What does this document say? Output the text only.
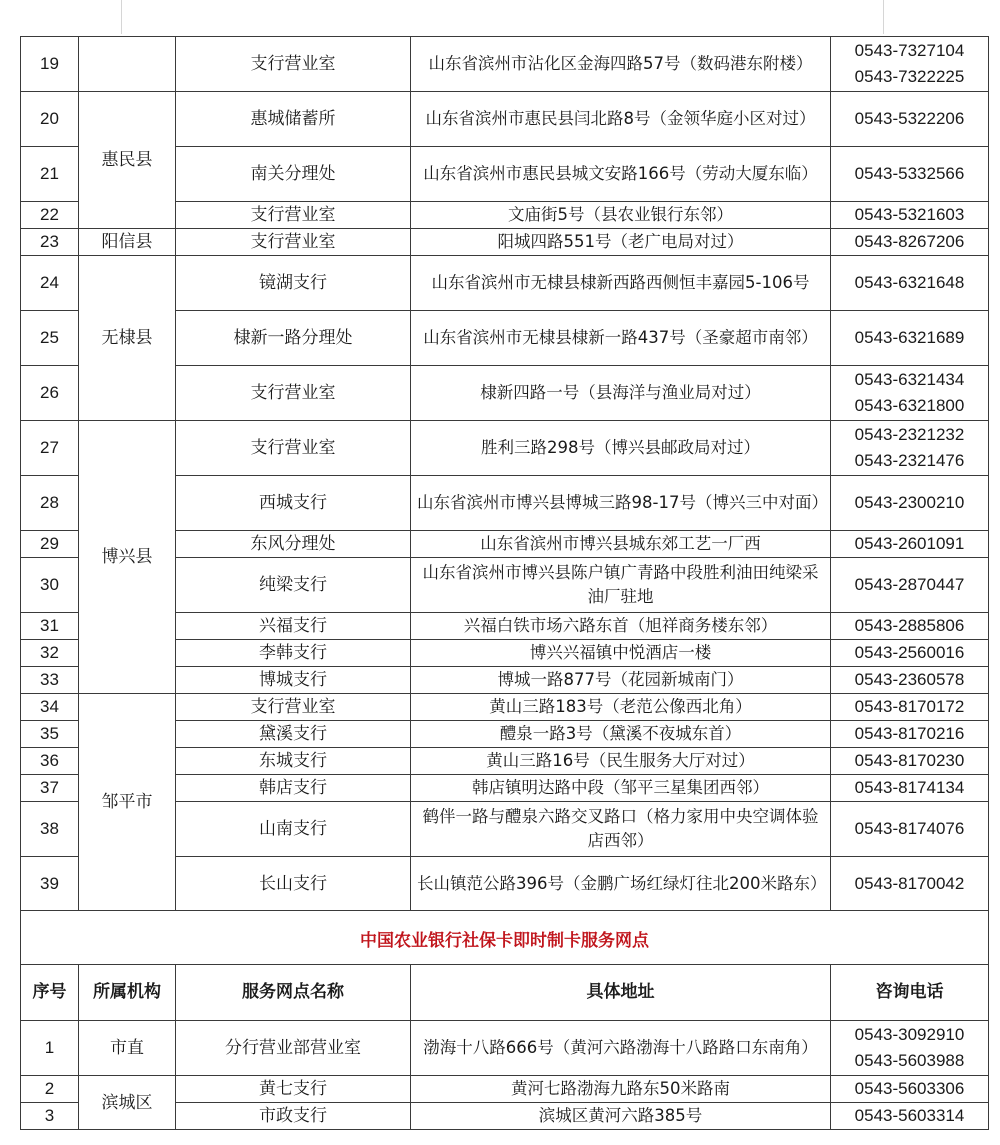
19		支行营业室	山东省滨州市沾化区金海四路57号（数码港东附楼）	0543-7327104
0543-7322225

20	惠民县	惠城储蓄所	山东省滨州市惠民县闫北路8号（金领华庭小区对过）	0543-5322206
21		南关分理处	山东省滨州市惠民县城文安路166号（劳动大厦东临）	0543-5332566
22		支行营业室	文庙街5号（县农业银行东邻）	0543-5321603
23	阳信县	支行营业室	阳城四路551号（老广电局对过）	0543-8267206
24	无棣县	镜湖支行	山东省滨州市无棣县棣新西路西侧恒丰嘉园5-106号	0543-6321648
25		棣新一路分理处	山东省滨州市无棣县棣新一路437号（圣豪超市南邻）	0543-6321689
26		支行营业室	棣新四路一号（县海洋与渔业局对过）	0543-6321434
0543-6321800

27	博兴县	支行营业室	胜利三路298号（博兴县邮政局对过）	0543-2321232
0543-2321476

28		西城支行	山东省滨州市博兴县博城三路98-17号（博兴三中对面）	0543-2300210
29		东风分理处	山东省滨州市博兴县城东郊工艺一厂西	0543-2601091
30		纯梁支行	山东省滨州市博兴县陈户镇广青路中段胜利油田纯梁采油厂驻地	0543-2870447
31		兴福支行	兴福白铁市场六路东首（旭祥商务楼东邻）	0543-2885806
32		李韩支行	博兴兴福镇中悦酒店一楼	0543-2560016
33		博城支行	博城一路877号（花园新城南门）	0543-2360578
34	邹平市	支行营业室	黄山三路183号（老范公像西北角）	0543-8170172
35		黛溪支行	醴泉一路3号（黛溪不夜城东首）	0543-8170216
36		东城支行	黄山三路16号（民生服务大厅对过）	0543-8170230
37		韩店支行	韩店镇明达路中段（邹平三星集团西邻）	0543-8174134
38		山南支行	鹤伴一路与醴泉六路交叉路口（格力家用中央空调体验店西邻）	0543-8174076
39		长山支行	长山镇范公路396号（金鹏广场红绿灯往北200米路东）	0543-8170042
中国农业银行社保卡即时制卡服务网点				
序号	所属机构	服务网点名称	具体地址	咨询电话
1	市直	分行营业部营业室	渤海十八路666号（黄河六路渤海十八路路口东南角）	0543-3092910
0543-5603988

2	滨城区	黄七支行	黄河七路渤海九路东50米路南	0543-5603306
3		市政支行	滨城区黄河六路385号	0543-5603314
